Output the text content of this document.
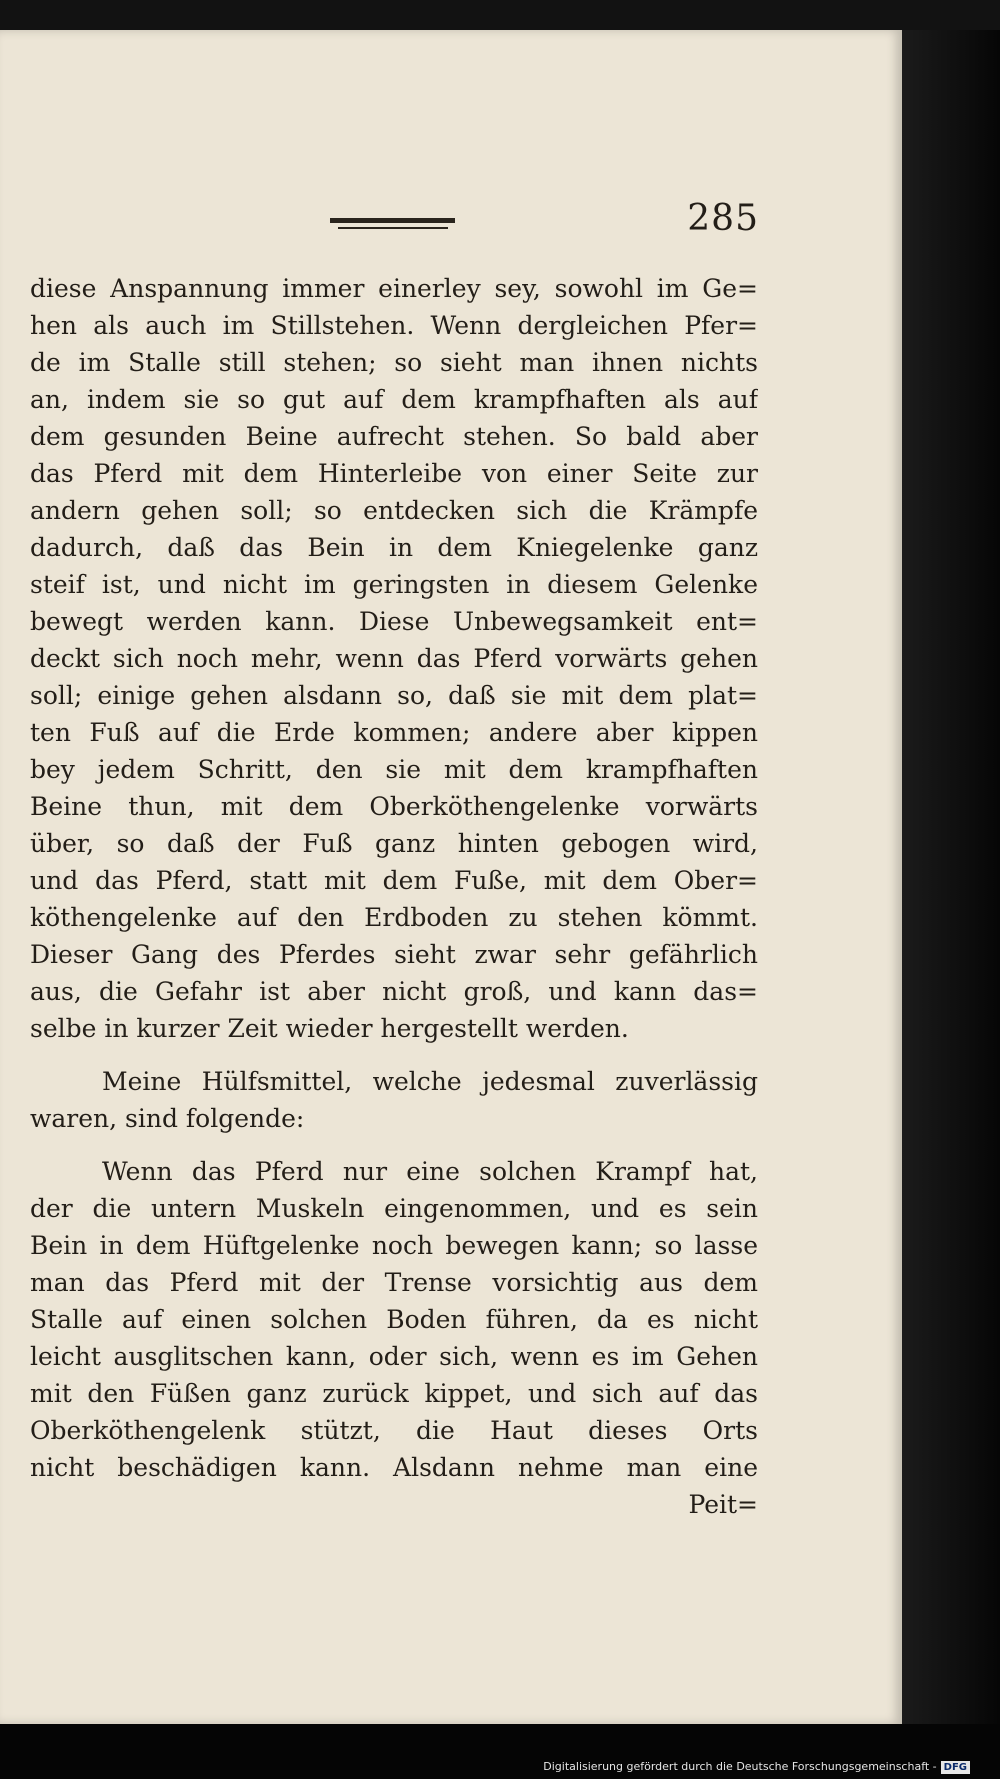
285
diese Anspannung immer einerley sey, sowohl im Ge=
hen als auch im Stillstehen. Wenn dergleichen Pfer=
de im Stalle still stehen; so sieht man ihnen nichts
an, indem sie so gut auf dem krampfhaften als auf
dem gesunden Beine aufrecht stehen. So bald aber
das Pferd mit dem Hinterleibe von einer Seite zur
andern gehen soll; so entdecken sich die Krämpfe
dadurch, daß das Bein in dem Kniegelenke ganz
steif ist, und nicht im geringsten in diesem Gelenke
bewegt werden kann. Diese Unbewegsamkeit ent=
deckt sich noch mehr, wenn das Pferd vorwärts gehen
soll; einige gehen alsdann so, daß sie mit dem plat=
ten Fuß auf die Erde kommen; andere aber kippen
bey jedem Schritt, den sie mit dem krampfhaften
Beine thun, mit dem Oberköthengelenke vorwärts
über, so daß der Fuß ganz hinten gebogen wird,
und das Pferd, statt mit dem Fuße, mit dem Ober=
köthengelenke auf den Erdboden zu stehen kömmt.
Dieser Gang des Pferdes sieht zwar sehr gefährlich
aus, die Gefahr ist aber nicht groß, und kann das=
selbe in kurzer Zeit wieder hergestellt werden.
Meine Hülfsmittel, welche jedesmal zuverlässig
waren, sind folgende:
Wenn das Pferd nur eine solchen Krampf hat,
der die untern Muskeln eingenommen, und es sein
Bein in dem Hüftgelenke noch bewegen kann; so lasse
man das Pferd mit der Trense vorsichtig aus dem
Stalle auf einen solchen Boden führen, da es nicht
leicht ausglitschen kann, oder sich, wenn es im Gehen
mit den Füßen ganz zurück kippet, und sich auf das
Oberköthengelenk stützt, die Haut dieses Orts
nicht beschädigen kann. Alsdann nehme man eine
Peit=
Digitalisierung gefördert durch die Deutsche Forschungsgemeinschaft - DFG
